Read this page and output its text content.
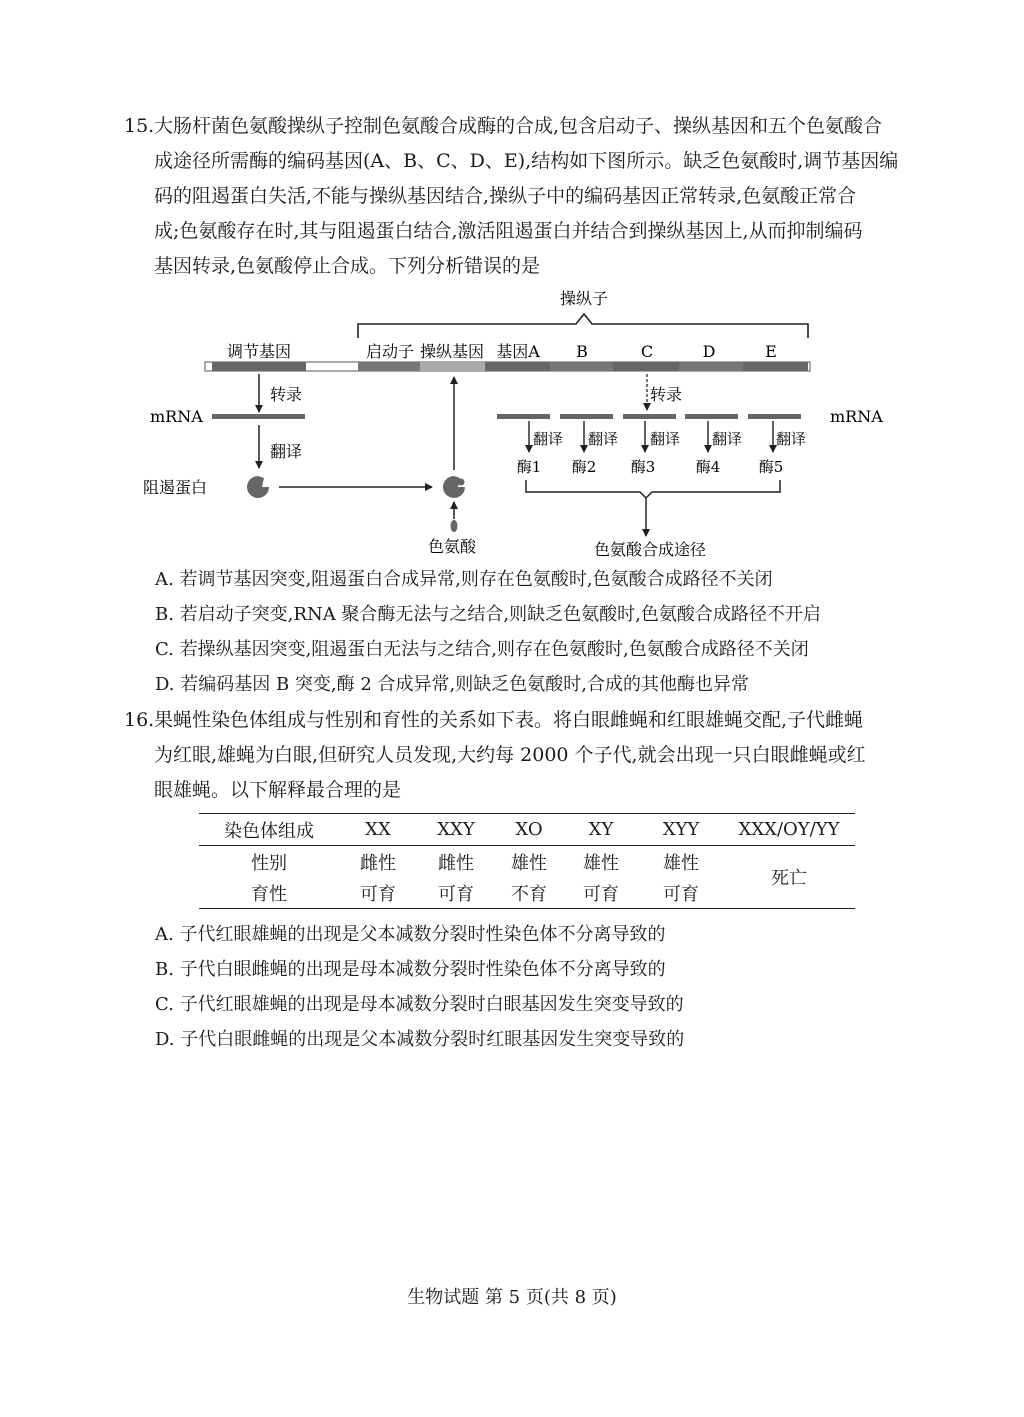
15. 大肠杆菌色氨酸操纵子控制色氨酸合成酶的合成,包含启动子、操纵基因和五个色氨酸合
成途径所需酶的编码基因(A、B、C、D、E),结构如下图所示。缺乏色氨酸时,调节基因编
码的阻遏蛋白失活,不能与操纵基因结合,操纵子中的编码基因正常转录,色氨酸正常合
成;色氨酸存在时,其与阻遏蛋白结合,激活阻遏蛋白并结合到操纵基因上,从而抑制编码
基因转录,色氨酸停止合成。下列分析错误的是
操纵子
调节基因	启动子 操纵基因 基因A B	C	D	E
转录
mRNA
翻译
阻遏蛋白
色氨酸
转录
mRNA
翻译 翻译 翻译 翻译 翻译
酶1 酶2 酶3	酶4	酶5
色氨酸合成途径
A. 若调节基因突变,阻遏蛋白合成异常,则存在色氨酸时,色氨酸合成路径不关闭
B. 若启动子突变,RNA 聚合酶无法与之结合,则缺乏色氨酸时,色氨酸合成路径不开启
C. 若操纵基因突变,阻遏蛋白无法与之结合,则存在色氨酸时,色氨酸合成路径不关闭
D. 若编码基因 B 突变,酶 2 合成异常,则缺乏色氨酸时,合成的其他酶也异常
16. 果蝇性染色体组成与性别和育性的关系如下表。将白眼雌蝇和红眼雄蝇交配,子代雌蝇
为红眼,雄蝇为白眼,但研究人员发现,大约每 2000 个子代,就会出现一只白眼雌蝇或红
眼雄蝇。以下解释最合理的是
染色体组成	XX	XXY	XO	XY	XYY	XXX/OY/YY
性别	雌性	雌性	雄性	雄性	雄性	死亡
育性	可育	可育	不育	可育	可育	
A. 子代红眼雄蝇的出现是父本减数分裂时性染色体不分离导致的
B. 子代白眼雌蝇的出现是母本减数分裂时性染色体不分离导致的
C. 子代红眼雄蝇的出现是母本减数分裂时白眼基因发生突变导致的
D. 子代白眼雌蝇的出现是父本减数分裂时红眼基因发生突变导致的
生物试题 第 5 页(共 8 页)
